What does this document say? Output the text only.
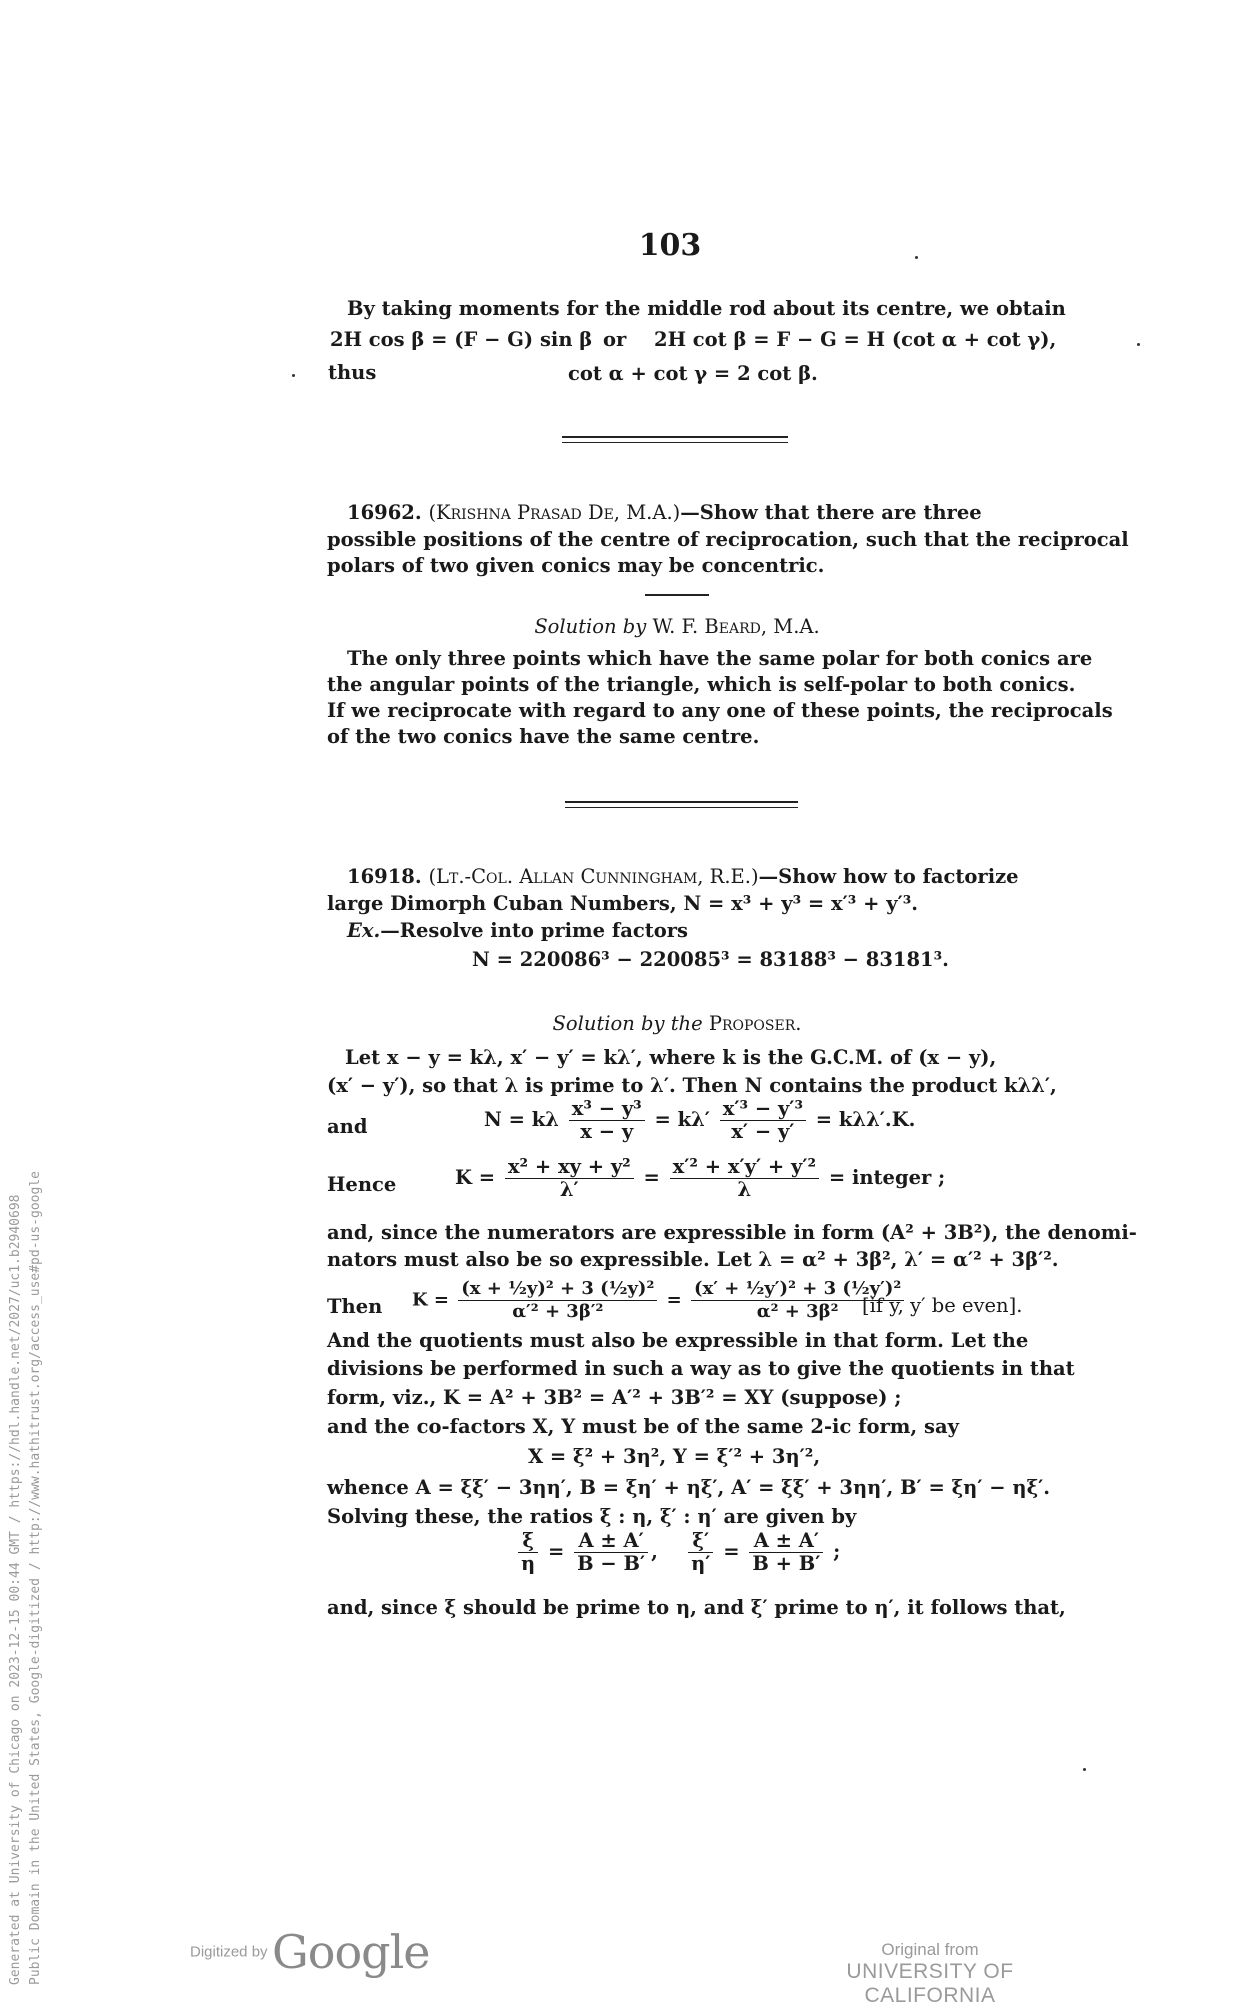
103
By taking moments for the middle rod about its centre, we obtain
2H cos β = (F − G) sin β or 2H cot β = F − G = H (cot α + cot γ),
thus	cot α + cot γ = 2 cot β.
16962. (Krishna Prasad De, M.A.)—Show that there are three
possible positions of the centre of reciprocation, such that the reciprocal
polars of two given conics may be concentric.
Solution by W. F. Beard, M.A.
The only three points which have the same polar for both conics are
the angular points of the triangle, which is self-polar to both conics.
If we reciprocate with regard to any one of these points, the reciprocals
of the two conics have the same centre.
16918. (Lt.-Col. Allan Cunningham, R.E.)—Show how to factorize
large Dimorph Cuban Numbers, N = x³ + y³ = x′³ + y′³.
Ex.—Resolve into prime factors
N = 220086³ − 220085³ = 83188³ − 83181³.
Solution by the Proposer.
Let x − y = kλ, x′ − y′ = kλ′, where k is the G.C.M. of (x − y),
(x′ − y′), so that λ is prime to λ′. Then N contains the product kλλ′,
and	N = kλ $\frac{\text{x³ − y³}}{x - y} = k\lambda' \frac{\text{x′³ − y′³}}{x' - y'} = k\lambda\lambda'.K$.
Hence	$K = \frac{\text{x² + xy + y²}}{\lambda'} = \frac{\text{x′² + x′y′ + y′²}}{\lambda}$ = integer ;
and, since the numerators are expressible in form (A² + 3B²), the denomi-
nators must also be so expressible. Let λ = α² + 3β², λ′ = α′² + 3β′².
Then $K = \frac{\text{(x + ½y)² + 3 (½y)²}}{\text{α′² + 3β′²}} = \frac{\text{(x′ + ½y′)² + 3 (½y′)²}}{\text{α² + 3β²}}$
[if y, y′ be even].
And the quotients must also be expressible in that form. Let the
divisions be performed in such a way as to give the quotients in that
form, viz., K = A² + 3B² = A′² + 3B′² = XY (suppose) ;
and the co-factors X, Y must be of the same 2-ic form, say
X = ξ² + 3η², Y = ξ′² + 3η′²,
whence A = ξξ′ − 3ηη′, B = ξη′ + ηξ′, A′ = ξξ′ + 3ηη′, B′ = ξη′ − ηξ′.
Solving these, the ratios ξ : η, ξ′ : η′ are given by
$\frac{\xi}{\eta} = \frac{A \pm A'}{B - B'}$ , $\frac{\xi'}{\eta'} = \frac{A \pm A'}{B + B'}$ ;
and, since ξ should be prime to η, and ξ′ prime to η′, it follows that,
Generated at University of Chicago on 2023-12-15 00:44 GMT / https://hdl.handle.net/2027/uc1.b2940698 Public Domain in the United States, Google-digitized / http://www.hathitrust.org/access_use#pd-us-google	Digitized by Google	Original from
UNIVERSITY OF CALIFORNIA
